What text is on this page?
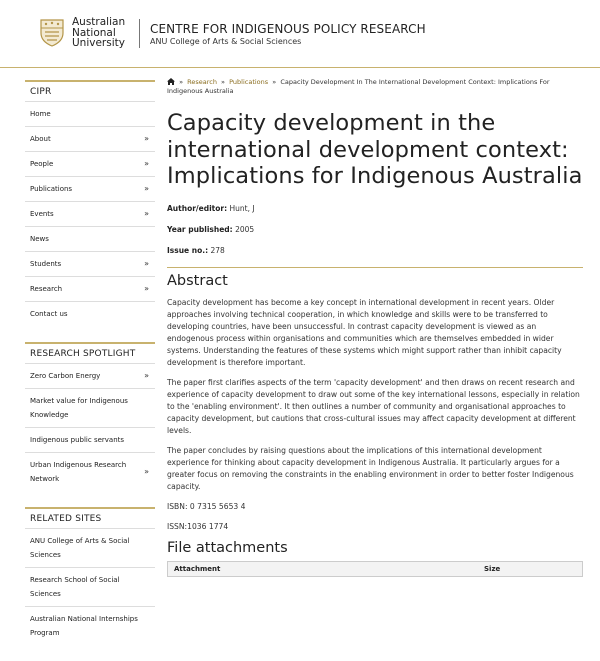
Australian
National
University
CENTRE FOR INDIGENOUS POLICY RESEARCH
ANU College of Arts & Social Sciences
CIPR
Home
About	»
People	»
Publications	»
Events	»
News
Students	»
Research	»
Contact us
RESEARCH SPOTLIGHT
Zero Carbon Energy	»
Market value for Indigenous Knowledge
Indigenous public servants
Urban Indigenous Research Network
»
RELATED SITES
ANU College of Arts & Social Sciences
Research School of Social Sciences
Australian National Internships Program
» Research » Publications » Capacity Development In The International Development Context: Implications For Indigenous Australia
Capacity development in the international development context: Implications for Indigenous Australia

Author/editor: Hunt, J

Year published: 2005

Issue no.: 278

Abstract

Capacity development has become a key concept in international development in recent years. Older approaches involving technical cooperation, in which knowledge and skills were to be transferred to developing countries, have been unsuccessful. In contrast capacity development is viewed as an endogenous process within organisations and communities which are themselves embedded in wider systems. Understanding the features of these systems which might support rather than inhibit capacity development is therefore important.

The paper first clarifies aspects of the term 'capacity development' and then draws on recent research and experience of capacity development to draw out some of the key international lessons, especially in relation to the 'enabling environment'. It then outlines a number of community and organisational approaches to capacity development, but cautions that cross-cultural issues may affect capacity development at different levels.

The paper concludes by raising questions about the implications of this international development experience for thinking about capacity development in Indigenous Australia. It particularly argues for a greater focus on removing the constraints in the enabling environment in order to better foster Indigenous capacity.

ISBN: 0 7315 5653 4

ISSN:1036 1774

File attachments
Attachment	Size
